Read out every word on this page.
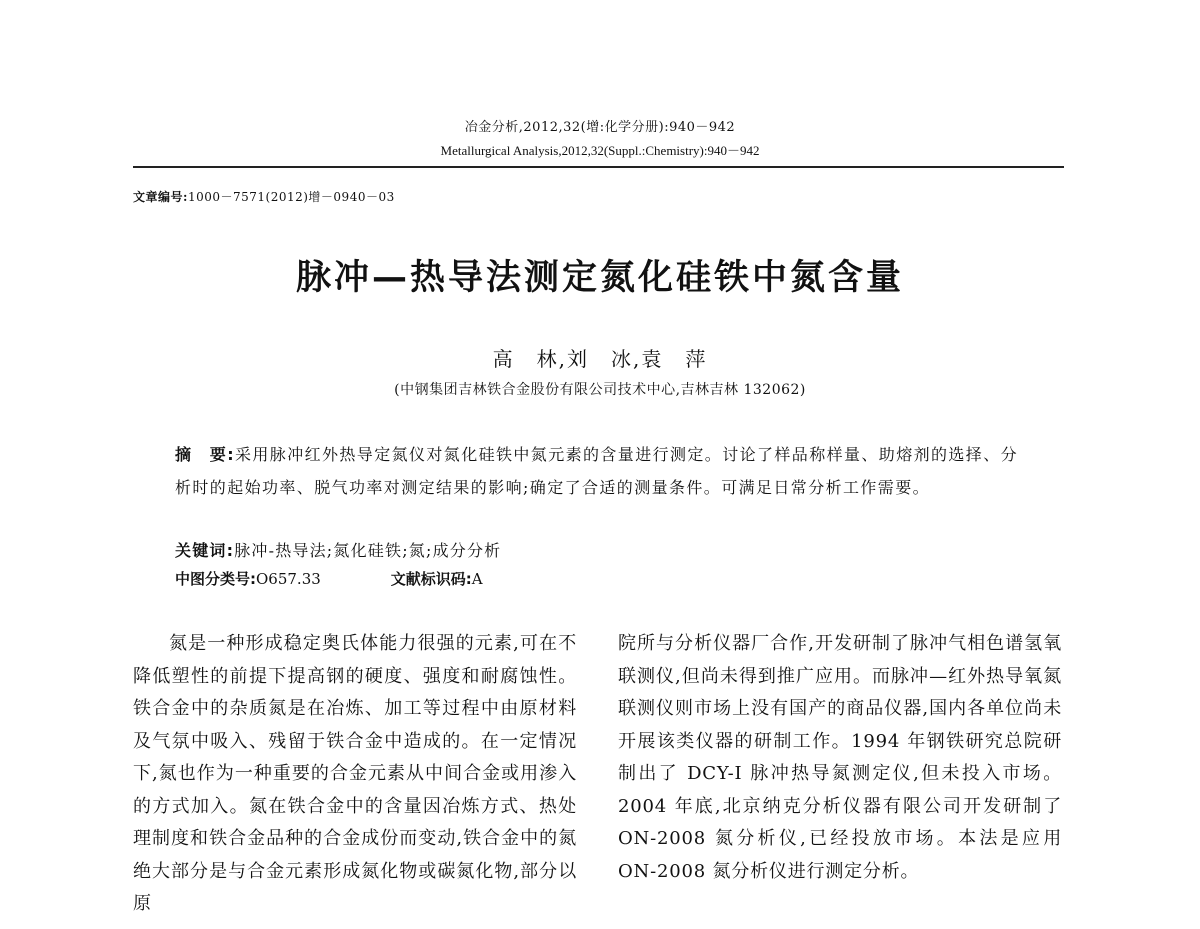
冶金分析,2012,32(增:化学分册):940－942
Metallurgical Analysis,2012,32(Suppl.:Chemistry):940－942
文章编号:1000－7571(2012)增－0940－03
脉冲—热导法测定氮化硅铁中氮含量
高　林,刘　冰,袁　萍
(中钢集团吉林铁合金股份有限公司技术中心,吉林吉林 132062)
摘　要:采用脉冲红外热导定氮仪对氮化硅铁中氮元素的含量进行测定。讨论了样品称样量、助熔剂的选择、分析时的起始功率、脱气功率对测定结果的影响;确定了合适的测量条件。可满足日常分析工作需要。
关键词:脉冲-热导法;氮化硅铁;氮;成分分析
中图分类号:O657.33	文献标识码:A

氮是一种形成稳定奥氏体能力很强的元素,可在不降低塑性的前提下提高钢的硬度、强度和耐腐蚀性。铁合金中的杂质氮是在冶炼、加工等过程中由原材料及气氛中吸入、残留于铁合金中造成的。在一定情况下,氮也作为一种重要的合金元素从中间合金或用渗入的方式加入。氮在铁合金中的含量因冶炼方式、热处理制度和铁合金品种的合金成份而变动,铁合金中的氮绝大部分是与合金元素形成氮化物或碳氮化物,部分以原

院所与分析仪器厂合作,开发研制了脉冲气相色谱氢氧联测仪,但尚未得到推广应用。而脉冲—红外热导氧氮联测仪则市场上没有国产的商品仪器,国内各单位尚未开展该类仪器的研制工作。1994 年钢铁研究总院研制出了 DCY-I 脉冲热导氮测定仪,但未投入市场。2004 年底,北京纳克分析仪器有限公司开发研制了 ON-2008 氮分析仪,已经投放市场。本法是应用 ON-2008 氮分析仪进行测定分析。
